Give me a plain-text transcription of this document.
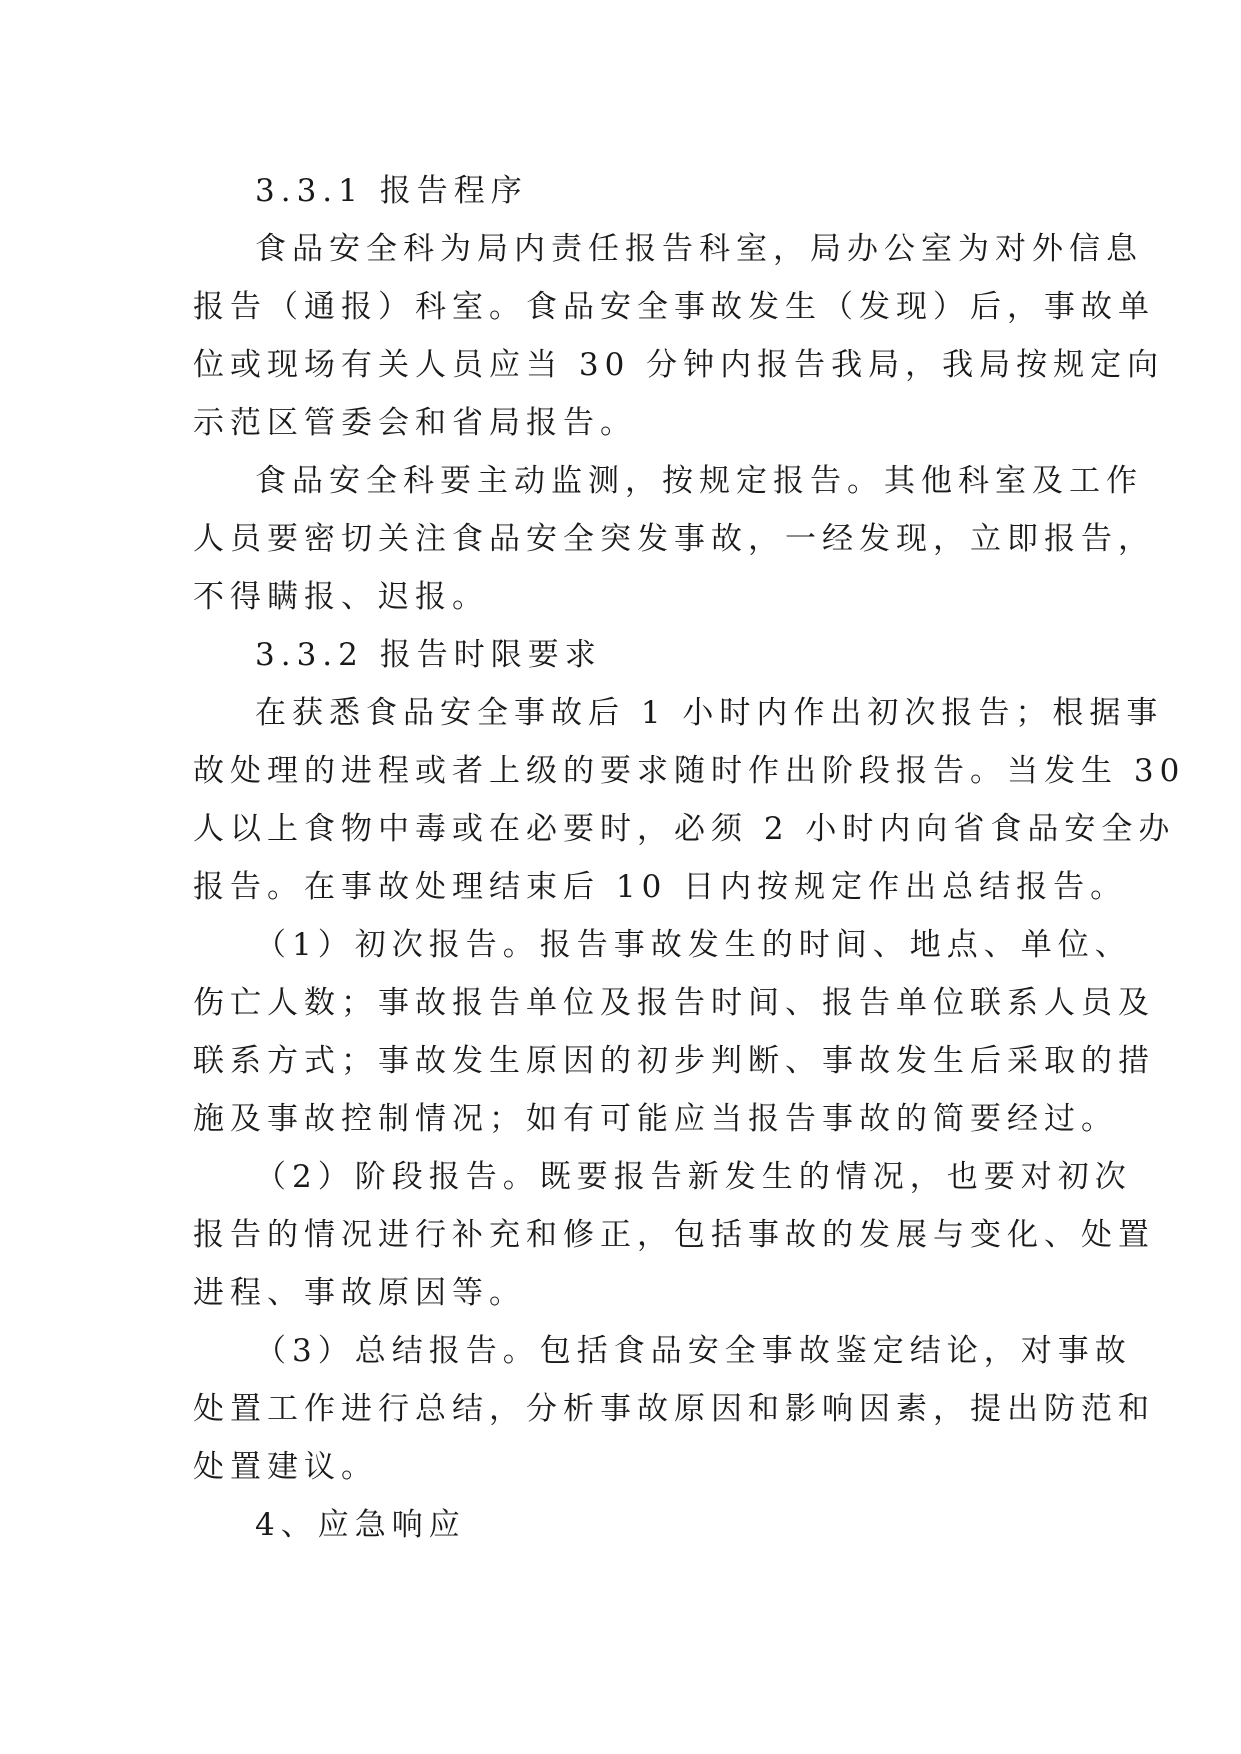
3.3.1 报告程序
食品安全科为局内责任报告科室，局办公室为对外信息
报告（通报）科室。食品安全事故发生（发现）后，事故单
位或现场有关人员应当 30 分钟内报告我局，我局按规定向
示范区管委会和省局报告。
食品安全科要主动监测，按规定报告。其他科室及工作
人员要密切关注食品安全突发事故，一经发现，立即报告，
不得瞒报、迟报。
3.3.2 报告时限要求
在获悉食品安全事故后 1 小时内作出初次报告；根据事
故处理的进程或者上级的要求随时作出阶段报告。当发生 30
人以上食物中毒或在必要时，必须 2 小时内向省食品安全办
报告。在事故处理结束后 10 日内按规定作出总结报告。
（1）初次报告。报告事故发生的时间、地点、单位、
伤亡人数；事故报告单位及报告时间、报告单位联系人员及
联系方式；事故发生原因的初步判断、事故发生后采取的措
施及事故控制情况；如有可能应当报告事故的简要经过。
（2）阶段报告。既要报告新发生的情况，也要对初次
报告的情况进行补充和修正，包括事故的发展与变化、处置
进程、事故原因等。
（3）总结报告。包括食品安全事故鉴定结论，对事故
处置工作进行总结，分析事故原因和影响因素，提出防范和
处置建议。
4、应急响应
